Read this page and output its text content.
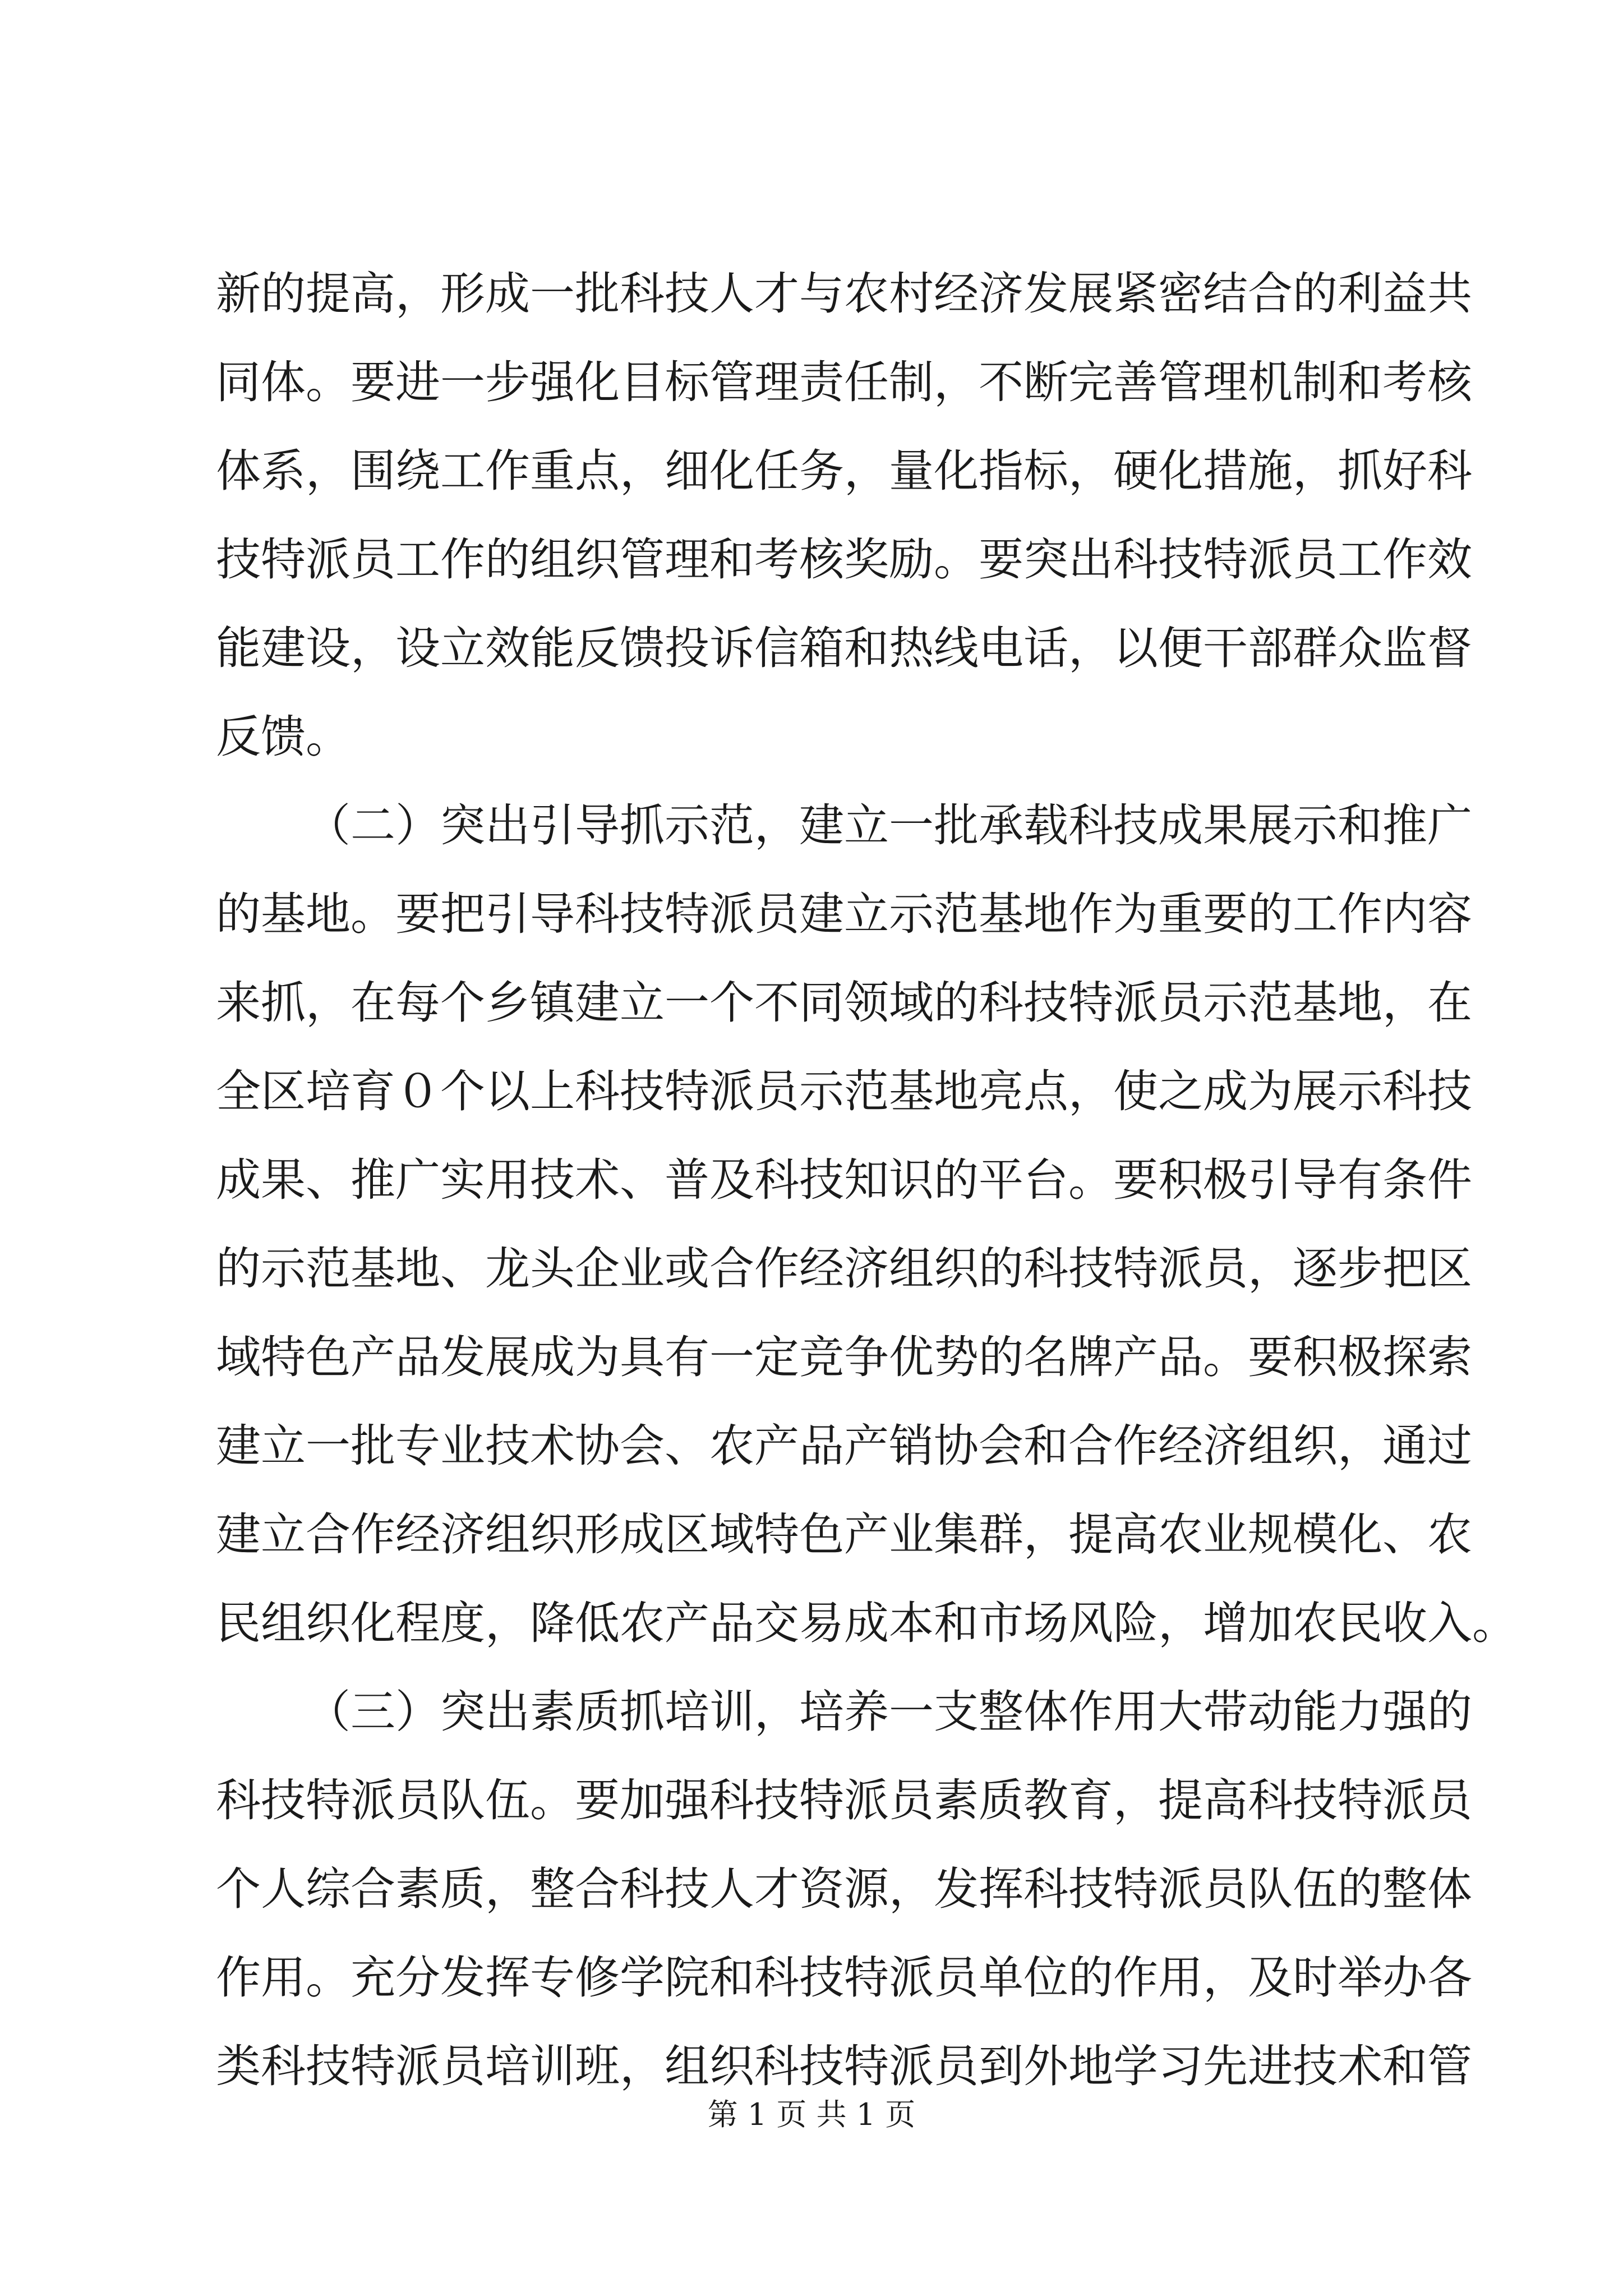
新的提高，形成一批科技人才与农村经济发展紧密结合的利益共
同体。要进一步强化目标管理责任制，不断完善管理机制和考核
体系，围绕工作重点，细化任务，量化指标，硬化措施，抓好科
技特派员工作的组织管理和考核奖励。要突出科技特派员工作效
能建设，设立效能反馈投诉信箱和热线电话，以便干部群众监督
反馈。
（二）突出引导抓示范，建立一批承载科技成果展示和推广
的基地。要把引导科技特派员建立示范基地作为重要的工作内容
来抓，在每个乡镇建立一个不同领域的科技特派员示范基地，在
全区培育０个以上科技特派员示范基地亮点，使之成为展示科技
成果、推广实用技术、普及科技知识的平台。要积极引导有条件
的示范基地、龙头企业或合作经济组织的科技特派员，逐步把区
域特色产品发展成为具有一定竞争优势的名牌产品。要积极探索
建立一批专业技术协会、农产品产销协会和合作经济组织，通过
建立合作经济组织形成区域特色产业集群，提高农业规模化、农
民组织化程度，降低农产品交易成本和市场风险，增加农民收入。
（三）突出素质抓培训，培养一支整体作用大带动能力强的
科技特派员队伍。要加强科技特派员素质教育，提高科技特派员
个人综合素质，整合科技人才资源，发挥科技特派员队伍的整体
作用。充分发挥专修学院和科技特派员单位的作用，及时举办各
类科技特派员培训班，组织科技特派员到外地学习先进技术和管
第 1 页 共 1 页
